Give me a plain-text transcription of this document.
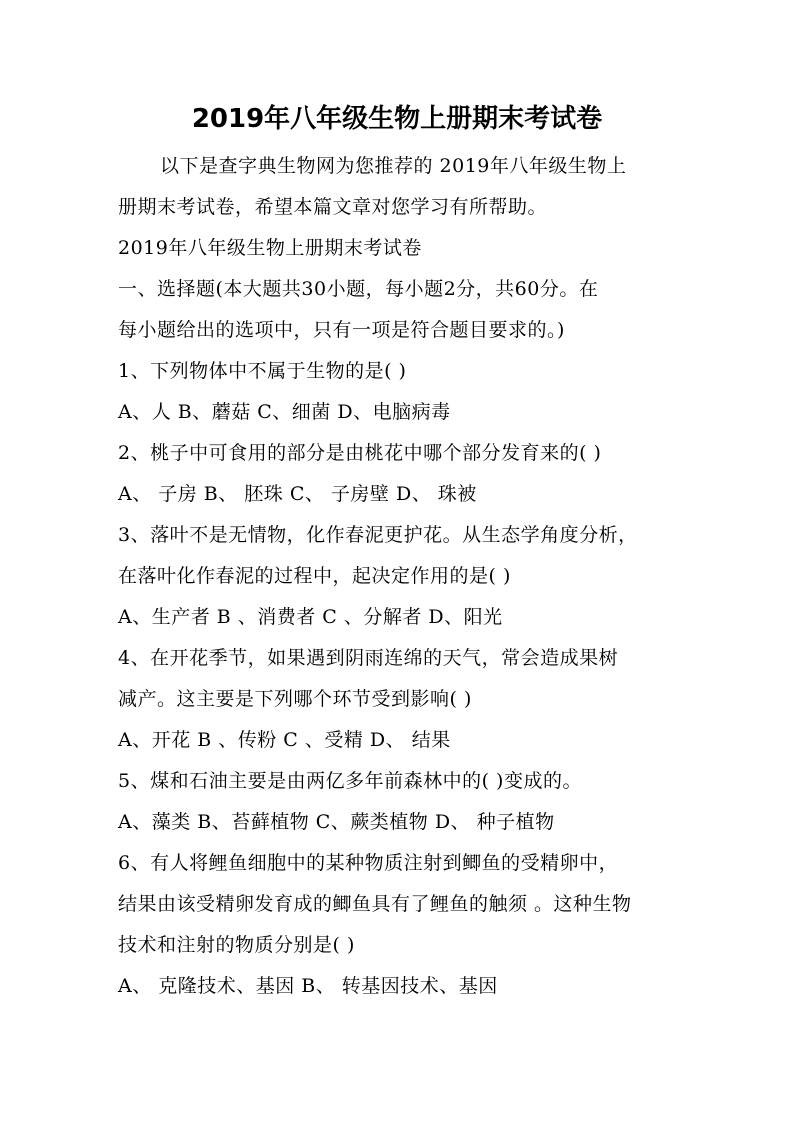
2019年八年级生物上册期末考试卷
以下是查字典生物网为您推荐的 2019年八年级生物上
册期末考试卷，希望本篇文章对您学习有所帮助。
2019年八年级生物上册期末考试卷
一、选择题(本大题共30小题，每小题2分，共60分。在
每小题给出的选项中，只有一项是符合题目要求的。)
1、下列物体中不属于生物的是( )
A、人 B、蘑菇 C、细菌 D、电脑病毒
2、桃子中可食用的部分是由桃花中哪个部分发育来的( )
A、 子房 B、 胚珠 C、 子房壁 D、 珠被
3、落叶不是无情物，化作春泥更护花。从生态学角度分析，
在落叶化作春泥的过程中，起决定作用的是( )
A、生产者 B 、消费者 C 、分解者 D、阳光
4、在开花季节，如果遇到阴雨连绵的天气，常会造成果树
减产。这主要是下列哪个环节受到影响( )
A、开花 B 、传粉 C 、受精 D、 结果
5、煤和石油主要是由两亿多年前森林中的( )变成的。
A、藻类 B、苔藓植物 C、蕨类植物 D、 种子植物
6、有人将鲤鱼细胞中的某种物质注射到鲫鱼的受精卵中，
结果由该受精卵发育成的鲫鱼具有了鲤鱼的触须 。这种生物
技术和注射的物质分别是( )
A、 克隆技术、基因 B、 转基因技术、基因
